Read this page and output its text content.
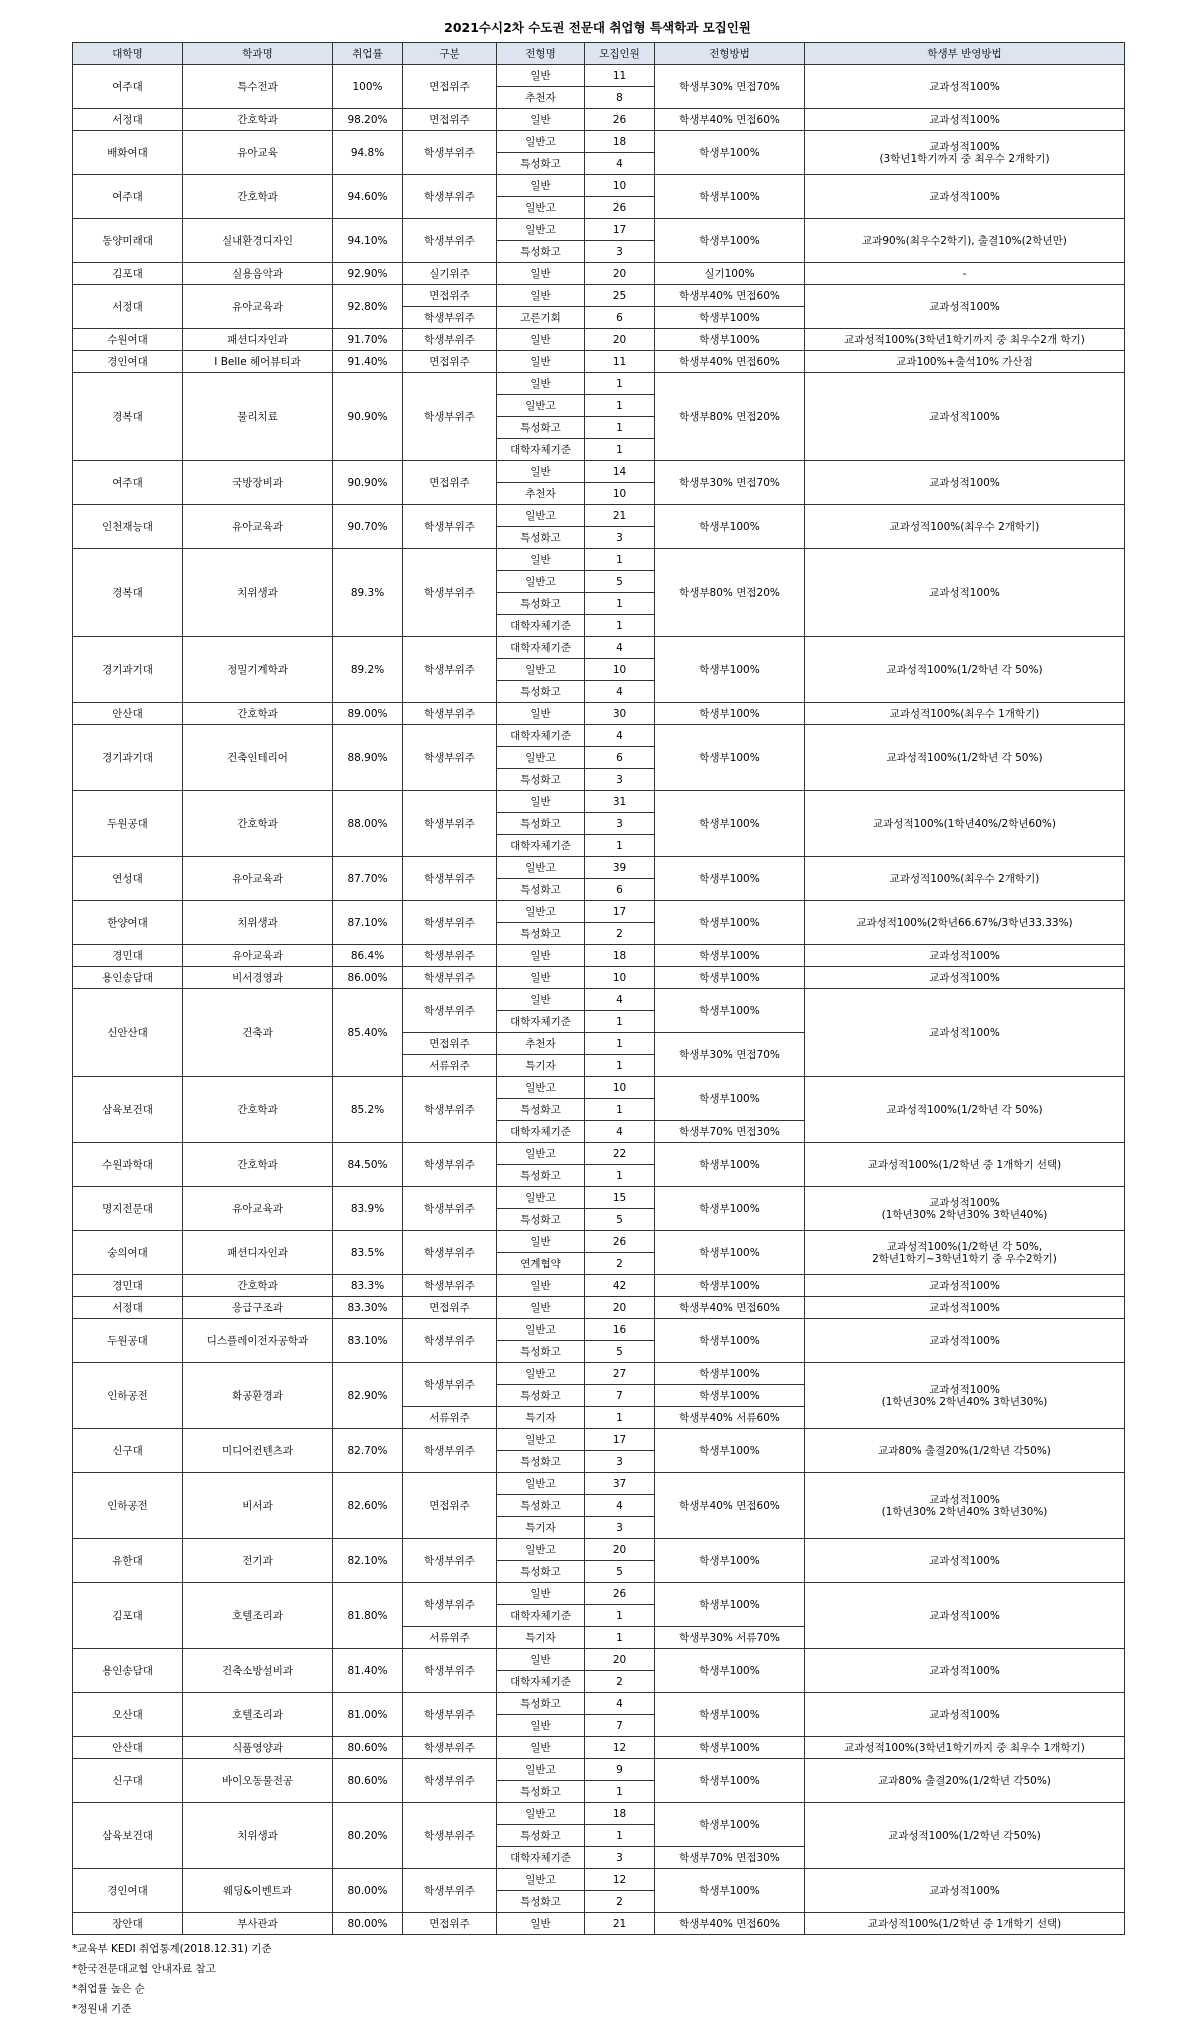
2021수시2차 수도권 전문대 취업형 특색학과 모집인원
대학명	학과명	취업률	구분	전형명	모집인원	전형방법	학생부 반영방법
여주대	특수전과	100%	면접위주	일반	11	학생부30% 면접70%	교과성적100%
				추천자	8		
서정대	간호학과	98.20%	면접위주	일반	26	학생부40% 면접60%	교과성적100%
배화여대	유아교육	94.8%	학생부위주	일반고	18	학생부100%	교과성적100%
(3학년1학기까지 중 최우수 2개학기)
				특성화고	4		
여주대	간호학과	94.60%	학생부위주	일반	10	학생부100%	교과성적100%
				일반고	26		
동양미래대	실내환경디자인	94.10%	학생부위주	일반고	17	학생부100%	교과90%(최우수2학기), 출결10%(2학년만)
				특성화고	3		
김포대	실용음악과	92.90%	실기위주	일반	20	실기100%	-
서정대	유아교육과	92.80%	면접위주	일반	25	학생부40% 면접60%	교과성적100%
			학생부위주	고른기회	6	학생부100%	
수원여대	패션디자인과	91.70%	학생부위주	일반	20	학생부100%	교과성적100%(3학년1학기까지 중 최우수2개 학기)
경인여대	I Belle 헤어뷰티과	91.40%	면접위주	일반	11	학생부40% 면접60%	교과100%+출석10% 가산점
경복대	물리치료	90.90%	학생부위주	일반	1	학생부80% 면접20%	교과성적100%
				일반고	1		
				특성화고	1		
				대학자체기준	1		
여주대	국방장비과	90.90%	면접위주	일반	14	학생부30% 면접70%	교과성적100%
				추천자	10		
인천재능대	유아교육과	90.70%	학생부위주	일반고	21	학생부100%	교과성적100%(최우수 2개학기)
				특성화고	3		
경복대	치위생과	89.3%	학생부위주	일반	1	학생부80% 면접20%	교과성적100%
				일반고	5		
				특성화고	1		
				대학자체기준	1		
경기과기대	정밀기계학과	89.2%	학생부위주	대학자체기준	4	학생부100%	교과성적100%(1/2학년 각 50%)
				일반고	10		
				특성화고	4		
안산대	간호학과	89.00%	학생부위주	일반	30	학생부100%	교과성적100%(최우수 1개학기)
경기과기대	건축인테리어	88.90%	학생부위주	대학자체기준	4	학생부100%	교과성적100%(1/2학년 각 50%)
				일반고	6		
				특성화고	3		
두원공대	간호학과	88.00%	학생부위주	일반	31	학생부100%	교과성적100%(1학년40%/2학년60%)
				특성화고	3		
				대학자체기준	1		
연성대	유아교육과	87.70%	학생부위주	일반고	39	학생부100%	교과성적100%(최우수 2개학기)
				특성화고	6		
한양여대	치위생과	87.10%	학생부위주	일반고	17	학생부100%	교과성적100%(2학년66.67%/3학년33.33%)
				특성화고	2		
경민대	유아교육과	86.4%	학생부위주	일반	18	학생부100%	교과성적100%
용인송담대	비서경영과	86.00%	학생부위주	일반	10	학생부100%	교과성적100%
신안산대	건축과	85.40%	학생부위주	일반	4	학생부100%	교과성적100%
				대학자체기준	1		
			면접위주	추천자	1	학생부30% 면접70%	
			서류위주	특기자	1		
삼육보건대	간호학과	85.2%	학생부위주	일반고	10	학생부100%	교과성적100%(1/2학년 각 50%)
				특성화고	1		
				대학자체기준	4	학생부70% 면접30%	
수원과학대	간호학과	84.50%	학생부위주	일반고	22	학생부100%	교과성적100%(1/2학년 중 1개학기 선택)
				특성화고	1		
명지전문대	유아교육과	83.9%	학생부위주	일반고	15	학생부100%	교과성적100%
(1학년30% 2학년30% 3학년40%)
				특성화고	5		
숭의여대	패션디자인과	83.5%	학생부위주	일반	26	학생부100%	교과성적100%(1/2학년 각 50%,
2학년1학기~3학년1학기 중 우수2학기)
				연계협약	2		
경민대	간호학과	83.3%	학생부위주	일반	42	학생부100%	교과성적100%
서정대	응급구조과	83.30%	면접위주	일반	20	학생부40% 면접60%	교과성적100%
두원공대	디스플레이전자공학과	83.10%	학생부위주	일반고	16	학생부100%	교과성적100%
				특성화고	5		
인하공전	화공환경과	82.90%	학생부위주	일반고	27	학생부100%	교과성적100%
(1학년30% 2학년40% 3학년30%)
				특성화고	7	학생부100%	
			서류위주	특기자	1	학생부40% 서류60%	
신구대	미디어컨텐츠과	82.70%	학생부위주	일반고	17	학생부100%	교과80% 출결20%(1/2학년 각50%)
				특성화고	3		
인하공전	비서과	82.60%	면접위주	일반고	37	학생부40% 면접60%	교과성적100%
(1학년30% 2학년40% 3학년30%)
				특성화고	4		
				특기자	3		
유한대	전기과	82.10%	학생부위주	일반고	20	학생부100%	교과성적100%
				특성화고	5		
김포대	호텔조리과	81.80%	학생부위주	일반	26	학생부100%	교과성적100%
				대학자체기준	1		
			서류위주	특기자	1	학생부30% 서류70%	
용인송담대	건축소방설비과	81.40%	학생부위주	일반	20	학생부100%	교과성적100%
				대학자체기준	2		
오산대	호텔조리과	81.00%	학생부위주	특성화고	4	학생부100%	교과성적100%
				일반	7		
안산대	식품영양과	80.60%	학생부위주	일반	12	학생부100%	교과성적100%(3학년1학기까지 중 최우수 1개학기)
신구대	바이오동물전공	80.60%	학생부위주	일반고	9	학생부100%	교과80% 출결20%(1/2학년 각50%)
				특성화고	1		
삼육보건대	치위생과	80.20%	학생부위주	일반고	18	학생부100%	교과성적100%(1/2학년 각50%)
				특성화고	1		
				대학자체기준	3	학생부70% 면접30%	
경인여대	웨딩&이벤트과	80.00%	학생부위주	일반고	12	학생부100%	교과성적100%
				특성화고	2		
장안대	부사관과	80.00%	면접위주	일반	21	학생부40% 면접60%	교과성적100%(1/2학년 중 1개학기 선택)
*교육부 KEDI 취업통계(2018.12.31) 기준
*한국전문대교협 안내자료 참고
*취업률 높은 순
*정원내 기준
